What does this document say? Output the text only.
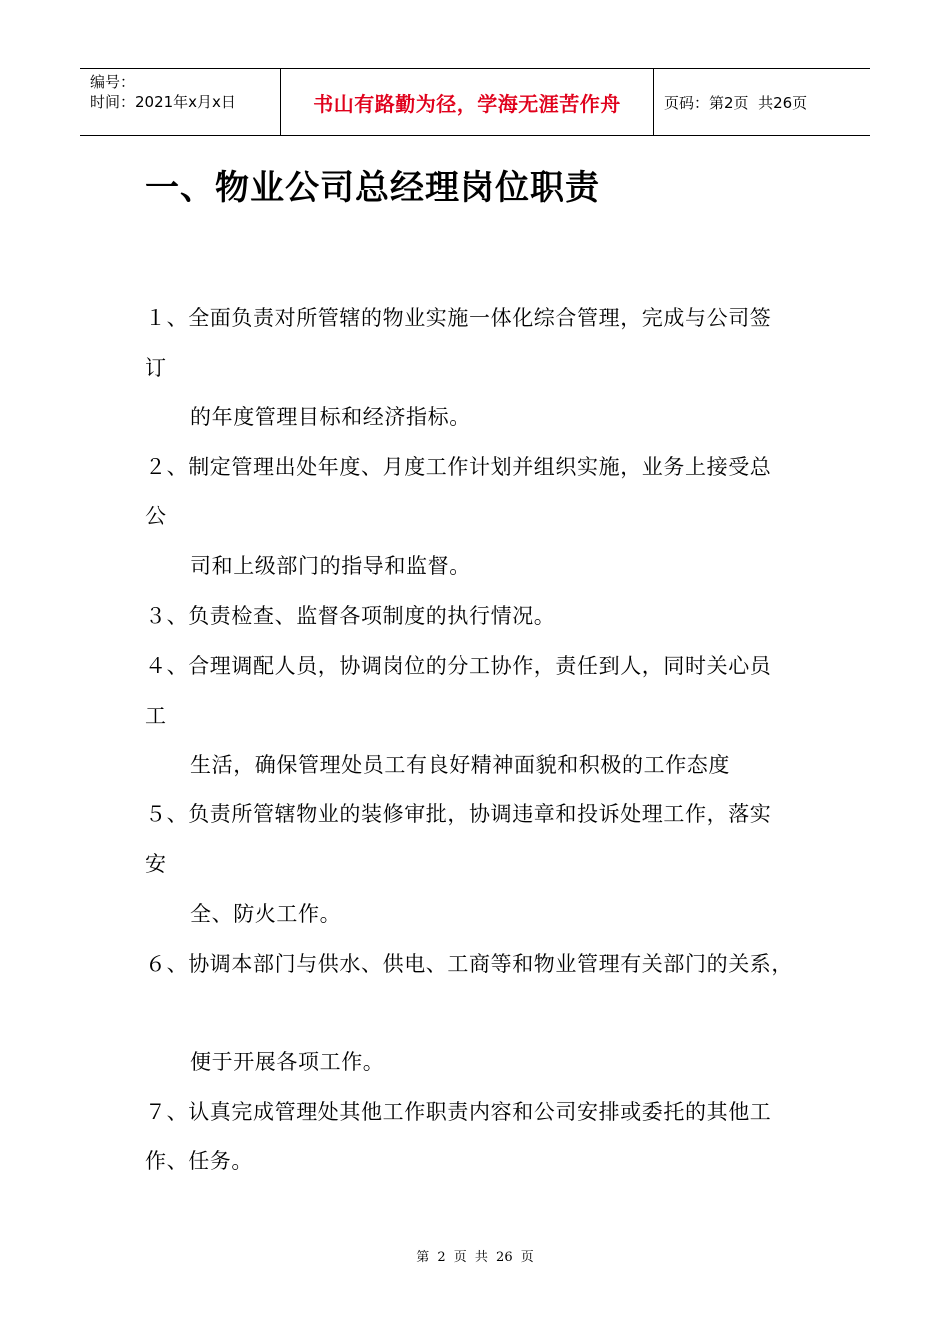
编号：
时间：2021年x月x日	书山有路勤为径，学海无涯苦作舟	页码：第2页  共26页
一、物业公司总经理岗位职责

１、全面负责对所管辖的物业实施一体化综合管理，完成与公司签

订

的年度管理目标和经济指标。

２、制定管理出处年度、月度工作计划并组织实施，业务上接受总

公

司和上级部门的指导和监督。

３、负责检查、监督各项制度的执行情况。

４、合理调配人员，协调岗位的分工协作，责任到人，同时关心员

工

生活，确保管理处员工有良好精神面貌和积极的工作态度

５、负责所管辖物业的装修审批，协调违章和投诉处理工作，落实

安

全、防火工作。

６、协调本部门与供水、供电、工商等和物业管理有关部门的关系，

便于开展各项工作。

７、认真完成管理处其他工作职责内容和公司安排或委托的其他工

作、任务。

第 2 页 共 26 页
